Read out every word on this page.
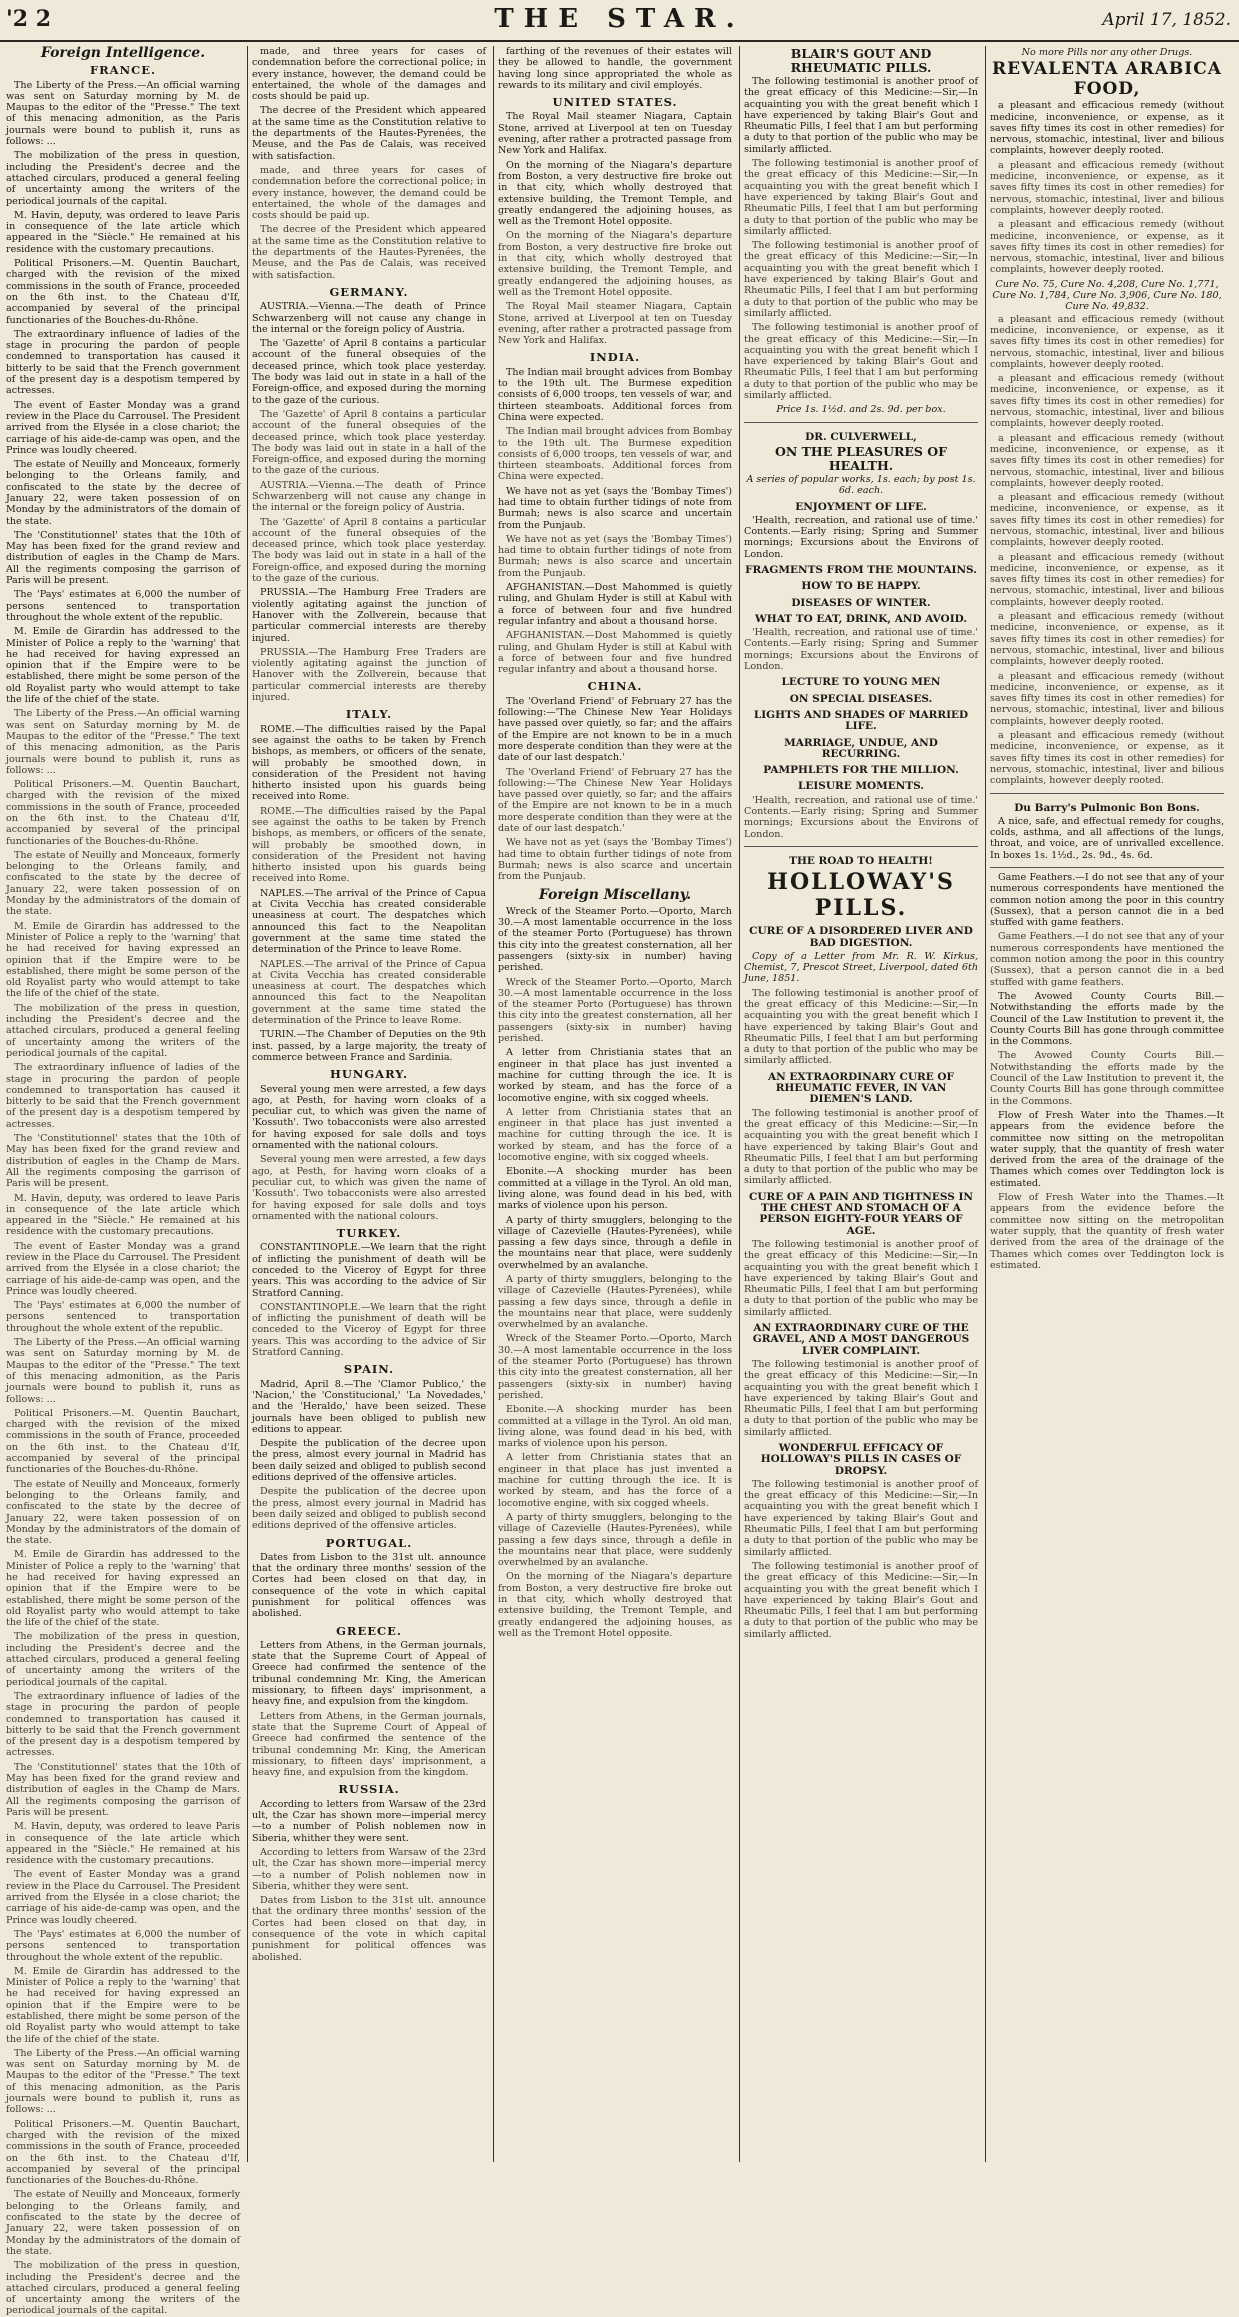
'2 2	THE STAR.	April 17, 1852.
Foreign Intelligence.
FRANCE.

The Liberty of the Press.—An official warning was sent on Saturday morning by M. de Maupas to the editor of the "Presse." The text of this menacing admonition, as the Paris journals were bound to publish it, runs as follows: ...

The mobilization of the press in question, including the President's decree and the attached circulars, produced a general feeling of uncertainty among the writers of the periodical journals of the capital.

M. Havin, deputy, was ordered to leave Paris in consequence of the late article which appeared in the "Siècle." He remained at his residence with the customary precautions.

Political Prisoners.—M. Quentin Bauchart, charged with the revision of the mixed commissions in the south of France, proceeded on the 6th inst. to the Chateau d'If, accompanied by several of the principal functionaries of the Bouches-du-Rhône.

The extraordinary influence of ladies of the stage in procuring the pardon of people condemned to transportation has caused it bitterly to be said that the French government of the present day is a despotism tempered by actresses.

The event of Easter Monday was a grand review in the Place du Carrousel. The President arrived from the Elysée in a close chariot; the carriage of his aide-de-camp was open, and the Prince was loudly cheered.

The estate of Neuilly and Monceaux, formerly belonging to the Orleans family, and confiscated to the state by the decree of January 22, were taken possession of on Monday by the administrators of the domain of the state.

The 'Constitutionnel' states that the 10th of May has been fixed for the grand review and distribution of eagles in the Champ de Mars. All the regiments composing the garrison of Paris will be present.

The 'Pays' estimates at 6,000 the number of persons sentenced to transportation throughout the whole extent of the republic.

M. Emile de Girardin has addressed to the Minister of Police a reply to the 'warning' that he had received for having expressed an opinion that if the Empire were to be established, there might be some person of the old Royalist party who would attempt to take the life of the chief of the state.

The Liberty of the Press.—An official warning was sent on Saturday morning by M. de Maupas to the editor of the "Presse." The text of this menacing admonition, as the Paris journals were bound to publish it, runs as follows: ...

Political Prisoners.—M. Quentin Bauchart, charged with the revision of the mixed commissions in the south of France, proceeded on the 6th inst. to the Chateau d'If, accompanied by several of the principal functionaries of the Bouches-du-Rhône.

The estate of Neuilly and Monceaux, formerly belonging to the Orleans family, and confiscated to the state by the decree of January 22, were taken possession of on Monday by the administrators of the domain of the state.

M. Emile de Girardin has addressed to the Minister of Police a reply to the 'warning' that he had received for having expressed an opinion that if the Empire were to be established, there might be some person of the old Royalist party who would attempt to take the life of the chief of the state.

The mobilization of the press in question, including the President's decree and the attached circulars, produced a general feeling of uncertainty among the writers of the periodical journals of the capital.

The extraordinary influence of ladies of the stage in procuring the pardon of people condemned to transportation has caused it bitterly to be said that the French government of the present day is a despotism tempered by actresses.

The 'Constitutionnel' states that the 10th of May has been fixed for the grand review and distribution of eagles in the Champ de Mars. All the regiments composing the garrison of Paris will be present.

M. Havin, deputy, was ordered to leave Paris in consequence of the late article which appeared in the "Siècle." He remained at his residence with the customary precautions.

The event of Easter Monday was a grand review in the Place du Carrousel. The President arrived from the Elysée in a close chariot; the carriage of his aide-de-camp was open, and the Prince was loudly cheered.

The 'Pays' estimates at 6,000 the number of persons sentenced to transportation throughout the whole extent of the republic.

The Liberty of the Press.—An official warning was sent on Saturday morning by M. de Maupas to the editor of the "Presse." The text of this menacing admonition, as the Paris journals were bound to publish it, runs as follows: ...

Political Prisoners.—M. Quentin Bauchart, charged with the revision of the mixed commissions in the south of France, proceeded on the 6th inst. to the Chateau d'If, accompanied by several of the principal functionaries of the Bouches-du-Rhône.

The estate of Neuilly and Monceaux, formerly belonging to the Orleans family, and confiscated to the state by the decree of January 22, were taken possession of on Monday by the administrators of the domain of the state.

M. Emile de Girardin has addressed to the Minister of Police a reply to the 'warning' that he had received for having expressed an opinion that if the Empire were to be established, there might be some person of the old Royalist party who would attempt to take the life of the chief of the state.

The mobilization of the press in question, including the President's decree and the attached circulars, produced a general feeling of uncertainty among the writers of the periodical journals of the capital.

The extraordinary influence of ladies of the stage in procuring the pardon of people condemned to transportation has caused it bitterly to be said that the French government of the present day is a despotism tempered by actresses.

The 'Constitutionnel' states that the 10th of May has been fixed for the grand review and distribution of eagles in the Champ de Mars. All the regiments composing the garrison of Paris will be present.

M. Havin, deputy, was ordered to leave Paris in consequence of the late article which appeared in the "Siècle." He remained at his residence with the customary precautions.

The event of Easter Monday was a grand review in the Place du Carrousel. The President arrived from the Elysée in a close chariot; the carriage of his aide-de-camp was open, and the Prince was loudly cheered.

The 'Pays' estimates at 6,000 the number of persons sentenced to transportation throughout the whole extent of the republic.

M. Emile de Girardin has addressed to the Minister of Police a reply to the 'warning' that he had received for having expressed an opinion that if the Empire were to be established, there might be some person of the old Royalist party who would attempt to take the life of the chief of the state.

The Liberty of the Press.—An official warning was sent on Saturday morning by M. de Maupas to the editor of the "Presse." The text of this menacing admonition, as the Paris journals were bound to publish it, runs as follows: ...

Political Prisoners.—M. Quentin Bauchart, charged with the revision of the mixed commissions in the south of France, proceeded on the 6th inst. to the Chateau d'If, accompanied by several of the principal functionaries of the Bouches-du-Rhône.

The estate of Neuilly and Monceaux, formerly belonging to the Orleans family, and confiscated to the state by the decree of January 22, were taken possession of on Monday by the administrators of the domain of the state.

The mobilization of the press in question, including the President's decree and the attached circulars, produced a general feeling of uncertainty among the writers of the periodical journals of the capital.

made, and three years for cases of condemnation before the correctional police; in every instance, however, the demand could be entertained, the whole of the damages and costs should be paid up.

The decree of the President which appeared at the same time as the Constitution relative to the departments of the Hautes-Pyrenées, the Meuse, and the Pas de Calais, was received with satisfaction.

made, and three years for cases of condemnation before the correctional police; in every instance, however, the demand could be entertained, the whole of the damages and costs should be paid up.

The decree of the President which appeared at the same time as the Constitution relative to the departments of the Hautes-Pyrenées, the Meuse, and the Pas de Calais, was received with satisfaction.

GERMANY.

AUSTRIA.—Vienna.—The death of Prince Schwarzenberg will not cause any change in the internal or the foreign policy of Austria.

The 'Gazette' of April 8 contains a particular account of the funeral obsequies of the deceased prince, which took place yesterday. The body was laid out in state in a hall of the Foreign-office, and exposed during the morning to the gaze of the curious.

The 'Gazette' of April 8 contains a particular account of the funeral obsequies of the deceased prince, which took place yesterday. The body was laid out in state in a hall of the Foreign-office, and exposed during the morning to the gaze of the curious.

AUSTRIA.—Vienna.—The death of Prince Schwarzenberg will not cause any change in the internal or the foreign policy of Austria.

The 'Gazette' of April 8 contains a particular account of the funeral obsequies of the deceased prince, which took place yesterday. The body was laid out in state in a hall of the Foreign-office, and exposed during the morning to the gaze of the curious.

PRUSSIA.—The Hamburg Free Traders are violently agitating against the junction of Hanover with the Zollverein, because that particular commercial interests are thereby injured.

PRUSSIA.—The Hamburg Free Traders are violently agitating against the junction of Hanover with the Zollverein, because that particular commercial interests are thereby injured.

ITALY.

ROME.—The difficulties raised by the Papal see against the oaths to be taken by French bishops, as members, or officers of the senate, will probably be smoothed down, in consideration of the President not having hitherto insisted upon his guards being received into Rome.

ROME.—The difficulties raised by the Papal see against the oaths to be taken by French bishops, as members, or officers of the senate, will probably be smoothed down, in consideration of the President not having hitherto insisted upon his guards being received into Rome.

NAPLES.—The arrival of the Prince of Capua at Civita Vecchia has created considerable uneasiness at court. The despatches which announced this fact to the Neapolitan government at the same time stated the determination of the Prince to leave Rome.

NAPLES.—The arrival of the Prince of Capua at Civita Vecchia has created considerable uneasiness at court. The despatches which announced this fact to the Neapolitan government at the same time stated the determination of the Prince to leave Rome.

TURIN.—The Chamber of Deputies on the 9th inst. passed, by a large majority, the treaty of commerce between France and Sardinia.

HUNGARY.

Several young men were arrested, a few days ago, at Pesth, for having worn cloaks of a peculiar cut, to which was given the name of 'Kossuth'. Two tobacconists were also arrested for having exposed for sale dolls and toys ornamented with the national colours.

Several young men were arrested, a few days ago, at Pesth, for having worn cloaks of a peculiar cut, to which was given the name of 'Kossuth'. Two tobacconists were also arrested for having exposed for sale dolls and toys ornamented with the national colours.

TURKEY.

CONSTANTINOPLE.—We learn that the right of inflicting the punishment of death will be conceded to the Viceroy of Egypt for three years. This was according to the advice of Sir Stratford Canning.

CONSTANTINOPLE.—We learn that the right of inflicting the punishment of death will be conceded to the Viceroy of Egypt for three years. This was according to the advice of Sir Stratford Canning.

SPAIN.

Madrid, April 8.—The 'Clamor Publico,' the 'Nacion,' the 'Constitucional,' 'La Novedades,' and the 'Heraldo,' have been seized. These journals have been obliged to publish new editions to appear.

Despite the publication of the decree upon the press, almost every journal in Madrid has been daily seized and obliged to publish second editions deprived of the offensive articles.

Despite the publication of the decree upon the press, almost every journal in Madrid has been daily seized and obliged to publish second editions deprived of the offensive articles.

PORTUGAL.

Dates from Lisbon to the 31st ult. announce that the ordinary three months' session of the Cortes had been closed on that day, in consequence of the vote in which capital punishment for political offences was abolished.

GREECE.

Letters from Athens, in the German journals, state that the Supreme Court of Appeal of Greece had confirmed the sentence of the tribunal condemning Mr. King, the American missionary, to fifteen days' imprisonment, a heavy fine, and expulsion from the kingdom.

Letters from Athens, in the German journals, state that the Supreme Court of Appeal of Greece had confirmed the sentence of the tribunal condemning Mr. King, the American missionary, to fifteen days' imprisonment, a heavy fine, and expulsion from the kingdom.

RUSSIA.

According to letters from Warsaw of the 23rd ult, the Czar has shown more—imperial mercy—to a number of Polish noblemen now in Siberia, whither they were sent.

According to letters from Warsaw of the 23rd ult, the Czar has shown more—imperial mercy—to a number of Polish noblemen now in Siberia, whither they were sent.

Dates from Lisbon to the 31st ult. announce that the ordinary three months' session of the Cortes had been closed on that day, in consequence of the vote in which capital punishment for political offences was abolished.

farthing of the revenues of their estates will they be allowed to handle, the government having long since appropriated the whole as rewards to its military and civil employés.

UNITED STATES.

The Royal Mail steamer Niagara, Captain Stone, arrived at Liverpool at ten on Tuesday evening, after rather a protracted passage from New York and Halifax.

On the morning of the Niagara's departure from Boston, a very destructive fire broke out in that city, which wholly destroyed that extensive building, the Tremont Temple, and greatly endangered the adjoining houses, as well as the Tremont Hotel opposite.

On the morning of the Niagara's departure from Boston, a very destructive fire broke out in that city, which wholly destroyed that extensive building, the Tremont Temple, and greatly endangered the adjoining houses, as well as the Tremont Hotel opposite.

The Royal Mail steamer Niagara, Captain Stone, arrived at Liverpool at ten on Tuesday evening, after rather a protracted passage from New York and Halifax.

INDIA.

The Indian mail brought advices from Bombay to the 19th ult. The Burmese expedition consists of 6,000 troops, ten vessels of war, and thirteen steamboats. Additional forces from China were expected.

The Indian mail brought advices from Bombay to the 19th ult. The Burmese expedition consists of 6,000 troops, ten vessels of war, and thirteen steamboats. Additional forces from China were expected.

We have not as yet (says the 'Bombay Times') had time to obtain further tidings of note from Burmah; news is also scarce and uncertain from the Punjaub.

We have not as yet (says the 'Bombay Times') had time to obtain further tidings of note from Burmah; news is also scarce and uncertain from the Punjaub.

AFGHANISTAN.—Dost Mahommed is quietly ruling, and Ghulam Hyder is still at Kabul with a force of between four and five hundred regular infantry and about a thousand horse.

AFGHANISTAN.—Dost Mahommed is quietly ruling, and Ghulam Hyder is still at Kabul with a force of between four and five hundred regular infantry and about a thousand horse.

CHINA.

The 'Overland Friend' of February 27 has the following:—'The Chinese New Year Holidays have passed over quietly, so far; and the affairs of the Empire are not known to be in a much more desperate condition than they were at the date of our last despatch.'

The 'Overland Friend' of February 27 has the following:—'The Chinese New Year Holidays have passed over quietly, so far; and the affairs of the Empire are not known to be in a much more desperate condition than they were at the date of our last despatch.'

We have not as yet (says the 'Bombay Times') had time to obtain further tidings of note from Burmah; news is also scarce and uncertain from the Punjaub.

Foreign Miscellany.

Wreck of the Steamer Porto.—Oporto, March 30.—A most lamentable occurrence in the loss of the steamer Porto (Portuguese) has thrown this city into the greatest consternation, all her passengers (sixty-six in number) having perished.

Wreck of the Steamer Porto.—Oporto, March 30.—A most lamentable occurrence in the loss of the steamer Porto (Portuguese) has thrown this city into the greatest consternation, all her passengers (sixty-six in number) having perished.

A letter from Christiania states that an engineer in that place has just invented a machine for cutting through the ice. It is worked by steam, and has the force of a locomotive engine, with six cogged wheels.

A letter from Christiania states that an engineer in that place has just invented a machine for cutting through the ice. It is worked by steam, and has the force of a locomotive engine, with six cogged wheels.

Ebonite.—A shocking murder has been committed at a village in the Tyrol. An old man, living alone, was found dead in his bed, with marks of violence upon his person.

A party of thirty smugglers, belonging to the village of Cazevielle (Hautes-Pyrenées), while passing a few days since, through a defile in the mountains near that place, were suddenly overwhelmed by an avalanche.

A party of thirty smugglers, belonging to the village of Cazevielle (Hautes-Pyrenées), while passing a few days since, through a defile in the mountains near that place, were suddenly overwhelmed by an avalanche.

Wreck of the Steamer Porto.—Oporto, March 30.—A most lamentable occurrence in the loss of the steamer Porto (Portuguese) has thrown this city into the greatest consternation, all her passengers (sixty-six in number) having perished.

Ebonite.—A shocking murder has been committed at a village in the Tyrol. An old man, living alone, was found dead in his bed, with marks of violence upon his person.

A letter from Christiania states that an engineer in that place has just invented a machine for cutting through the ice. It is worked by steam, and has the force of a locomotive engine, with six cogged wheels.

A party of thirty smugglers, belonging to the village of Cazevielle (Hautes-Pyrenées), while passing a few days since, through a defile in the mountains near that place, were suddenly overwhelmed by an avalanche.

On the morning of the Niagara's departure from Boston, a very destructive fire broke out in that city, which wholly destroyed that extensive building, the Tremont Temple, and greatly endangered the adjoining houses, as well as the Tremont Hotel opposite.

BLAIR'S GOUT AND RHEUMATIC PILLS.

The following testimonial is another proof of the great efficacy of this Medicine:—Sir,—In acquainting you with the great benefit which I have experienced by taking Blair's Gout and Rheumatic Pills, I feel that I am but performing a duty to that portion of the public who may be similarly afflicted.

The following testimonial is another proof of the great efficacy of this Medicine:—Sir,—In acquainting you with the great benefit which I have experienced by taking Blair's Gout and Rheumatic Pills, I feel that I am but performing a duty to that portion of the public who may be similarly afflicted.

The following testimonial is another proof of the great efficacy of this Medicine:—Sir,—In acquainting you with the great benefit which I have experienced by taking Blair's Gout and Rheumatic Pills, I feel that I am but performing a duty to that portion of the public who may be similarly afflicted.

The following testimonial is another proof of the great efficacy of this Medicine:—Sir,—In acquainting you with the great benefit which I have experienced by taking Blair's Gout and Rheumatic Pills, I feel that I am but performing a duty to that portion of the public who may be similarly afflicted.

Price 1s. 1½d. and 2s. 9d. per box.

DR. CULVERWELL,

ON THE PLEASURES OF HEALTH.

A series of popular works, 1s. each; by post 1s. 6d. each.

ENJOYMENT OF LIFE.

'Health, recreation, and rational use of time.' Contents.—Early rising; Spring and Summer mornings; Excursions about the Environs of London.

FRAGMENTS FROM THE MOUNTAINS.
HOW TO BE HAPPY.
DISEASES OF WINTER.
WHAT TO EAT, DRINK, AND AVOID.

'Health, recreation, and rational use of time.' Contents.—Early rising; Spring and Summer mornings; Excursions about the Environs of London.

LECTURE TO YOUNG MEN
ON SPECIAL DISEASES.
LIGHTS AND SHADES OF MARRIED LIFE.
MARRIAGE, UNDUE, AND RECURRING.
PAMPHLETS FOR THE MILLION.
LEISURE MOMENTS.

'Health, recreation, and rational use of time.' Contents.—Early rising; Spring and Summer mornings; Excursions about the Environs of London.

THE ROAD TO HEALTH!

HOLLOWAY'S PILLS.

CURE OF A DISORDERED LIVER AND BAD DIGESTION.

Copy of a Letter from Mr. R. W. Kirkus, Chemist, 7, Prescot Street, Liverpool, dated 6th June, 1851.

The following testimonial is another proof of the great efficacy of this Medicine:—Sir,—In acquainting you with the great benefit which I have experienced by taking Blair's Gout and Rheumatic Pills, I feel that I am but performing a duty to that portion of the public who may be similarly afflicted.

AN EXTRAORDINARY CURE OF RHEUMATIC FEVER, IN VAN DIEMEN'S LAND.

The following testimonial is another proof of the great efficacy of this Medicine:—Sir,—In acquainting you with the great benefit which I have experienced by taking Blair's Gout and Rheumatic Pills, I feel that I am but performing a duty to that portion of the public who may be similarly afflicted.

CURE OF A PAIN AND TIGHTNESS IN THE CHEST AND STOMACH OF A PERSON EIGHTY-FOUR YEARS OF AGE.

The following testimonial is another proof of the great efficacy of this Medicine:—Sir,—In acquainting you with the great benefit which I have experienced by taking Blair's Gout and Rheumatic Pills, I feel that I am but performing a duty to that portion of the public who may be similarly afflicted.

AN EXTRAORDINARY CURE OF THE GRAVEL, AND A MOST DANGEROUS LIVER COMPLAINT.

The following testimonial is another proof of the great efficacy of this Medicine:—Sir,—In acquainting you with the great benefit which I have experienced by taking Blair's Gout and Rheumatic Pills, I feel that I am but performing a duty to that portion of the public who may be similarly afflicted.

WONDERFUL EFFICACY OF HOLLOWAY'S PILLS IN CASES OF DROPSY.

The following testimonial is another proof of the great efficacy of this Medicine:—Sir,—In acquainting you with the great benefit which I have experienced by taking Blair's Gout and Rheumatic Pills, I feel that I am but performing a duty to that portion of the public who may be similarly afflicted.

The following testimonial is another proof of the great efficacy of this Medicine:—Sir,—In acquainting you with the great benefit which I have experienced by taking Blair's Gout and Rheumatic Pills, I feel that I am but performing a duty to that portion of the public who may be similarly afflicted.

No more Pills nor any other Drugs.

REVALENTA ARABICA FOOD,

a pleasant and efficacious remedy (without medicine, inconvenience, or expense, as it saves fifty times its cost in other remedies) for nervous, stomachic, intestinal, liver and bilious complaints, however deeply rooted.

a pleasant and efficacious remedy (without medicine, inconvenience, or expense, as it saves fifty times its cost in other remedies) for nervous, stomachic, intestinal, liver and bilious complaints, however deeply rooted.

a pleasant and efficacious remedy (without medicine, inconvenience, or expense, as it saves fifty times its cost in other remedies) for nervous, stomachic, intestinal, liver and bilious complaints, however deeply rooted.

Cure No. 75, Cure No. 4,208, Cure No. 1,771, Cure No. 1,784, Cure No. 3,906, Cure No. 180, Cure No. 49,832.

a pleasant and efficacious remedy (without medicine, inconvenience, or expense, as it saves fifty times its cost in other remedies) for nervous, stomachic, intestinal, liver and bilious complaints, however deeply rooted.

a pleasant and efficacious remedy (without medicine, inconvenience, or expense, as it saves fifty times its cost in other remedies) for nervous, stomachic, intestinal, liver and bilious complaints, however deeply rooted.

a pleasant and efficacious remedy (without medicine, inconvenience, or expense, as it saves fifty times its cost in other remedies) for nervous, stomachic, intestinal, liver and bilious complaints, however deeply rooted.

a pleasant and efficacious remedy (without medicine, inconvenience, or expense, as it saves fifty times its cost in other remedies) for nervous, stomachic, intestinal, liver and bilious complaints, however deeply rooted.

a pleasant and efficacious remedy (without medicine, inconvenience, or expense, as it saves fifty times its cost in other remedies) for nervous, stomachic, intestinal, liver and bilious complaints, however deeply rooted.

a pleasant and efficacious remedy (without medicine, inconvenience, or expense, as it saves fifty times its cost in other remedies) for nervous, stomachic, intestinal, liver and bilious complaints, however deeply rooted.

a pleasant and efficacious remedy (without medicine, inconvenience, or expense, as it saves fifty times its cost in other remedies) for nervous, stomachic, intestinal, liver and bilious complaints, however deeply rooted.

a pleasant and efficacious remedy (without medicine, inconvenience, or expense, as it saves fifty times its cost in other remedies) for nervous, stomachic, intestinal, liver and bilious complaints, however deeply rooted.

Du Barry's Pulmonic Bon Bons.

A nice, safe, and effectual remedy for coughs, colds, asthma, and all affections of the lungs, throat, and voice, are of unrivalled excellence. In boxes 1s. 1½d., 2s. 9d., 4s. 6d.

Game Feathers.—I do not see that any of your numerous correspondents have mentioned the common notion among the poor in this country (Sussex), that a person cannot die in a bed stuffed with game feathers.

Game Feathers.—I do not see that any of your numerous correspondents have mentioned the common notion among the poor in this country (Sussex), that a person cannot die in a bed stuffed with game feathers.

The Avowed County Courts Bill.—Notwithstanding the efforts made by the Council of the Law Institution to prevent it, the County Courts Bill has gone through committee in the Commons.

The Avowed County Courts Bill.—Notwithstanding the efforts made by the Council of the Law Institution to prevent it, the County Courts Bill has gone through committee in the Commons.

Flow of Fresh Water into the Thames.—It appears from the evidence before the committee now sitting on the metropolitan water supply, that the quantity of fresh water derived from the area of the drainage of the Thames which comes over Teddington lock is estimated.

Flow of Fresh Water into the Thames.—It appears from the evidence before the committee now sitting on the metropolitan water supply, that the quantity of fresh water derived from the area of the drainage of the Thames which comes over Teddington lock is estimated.
